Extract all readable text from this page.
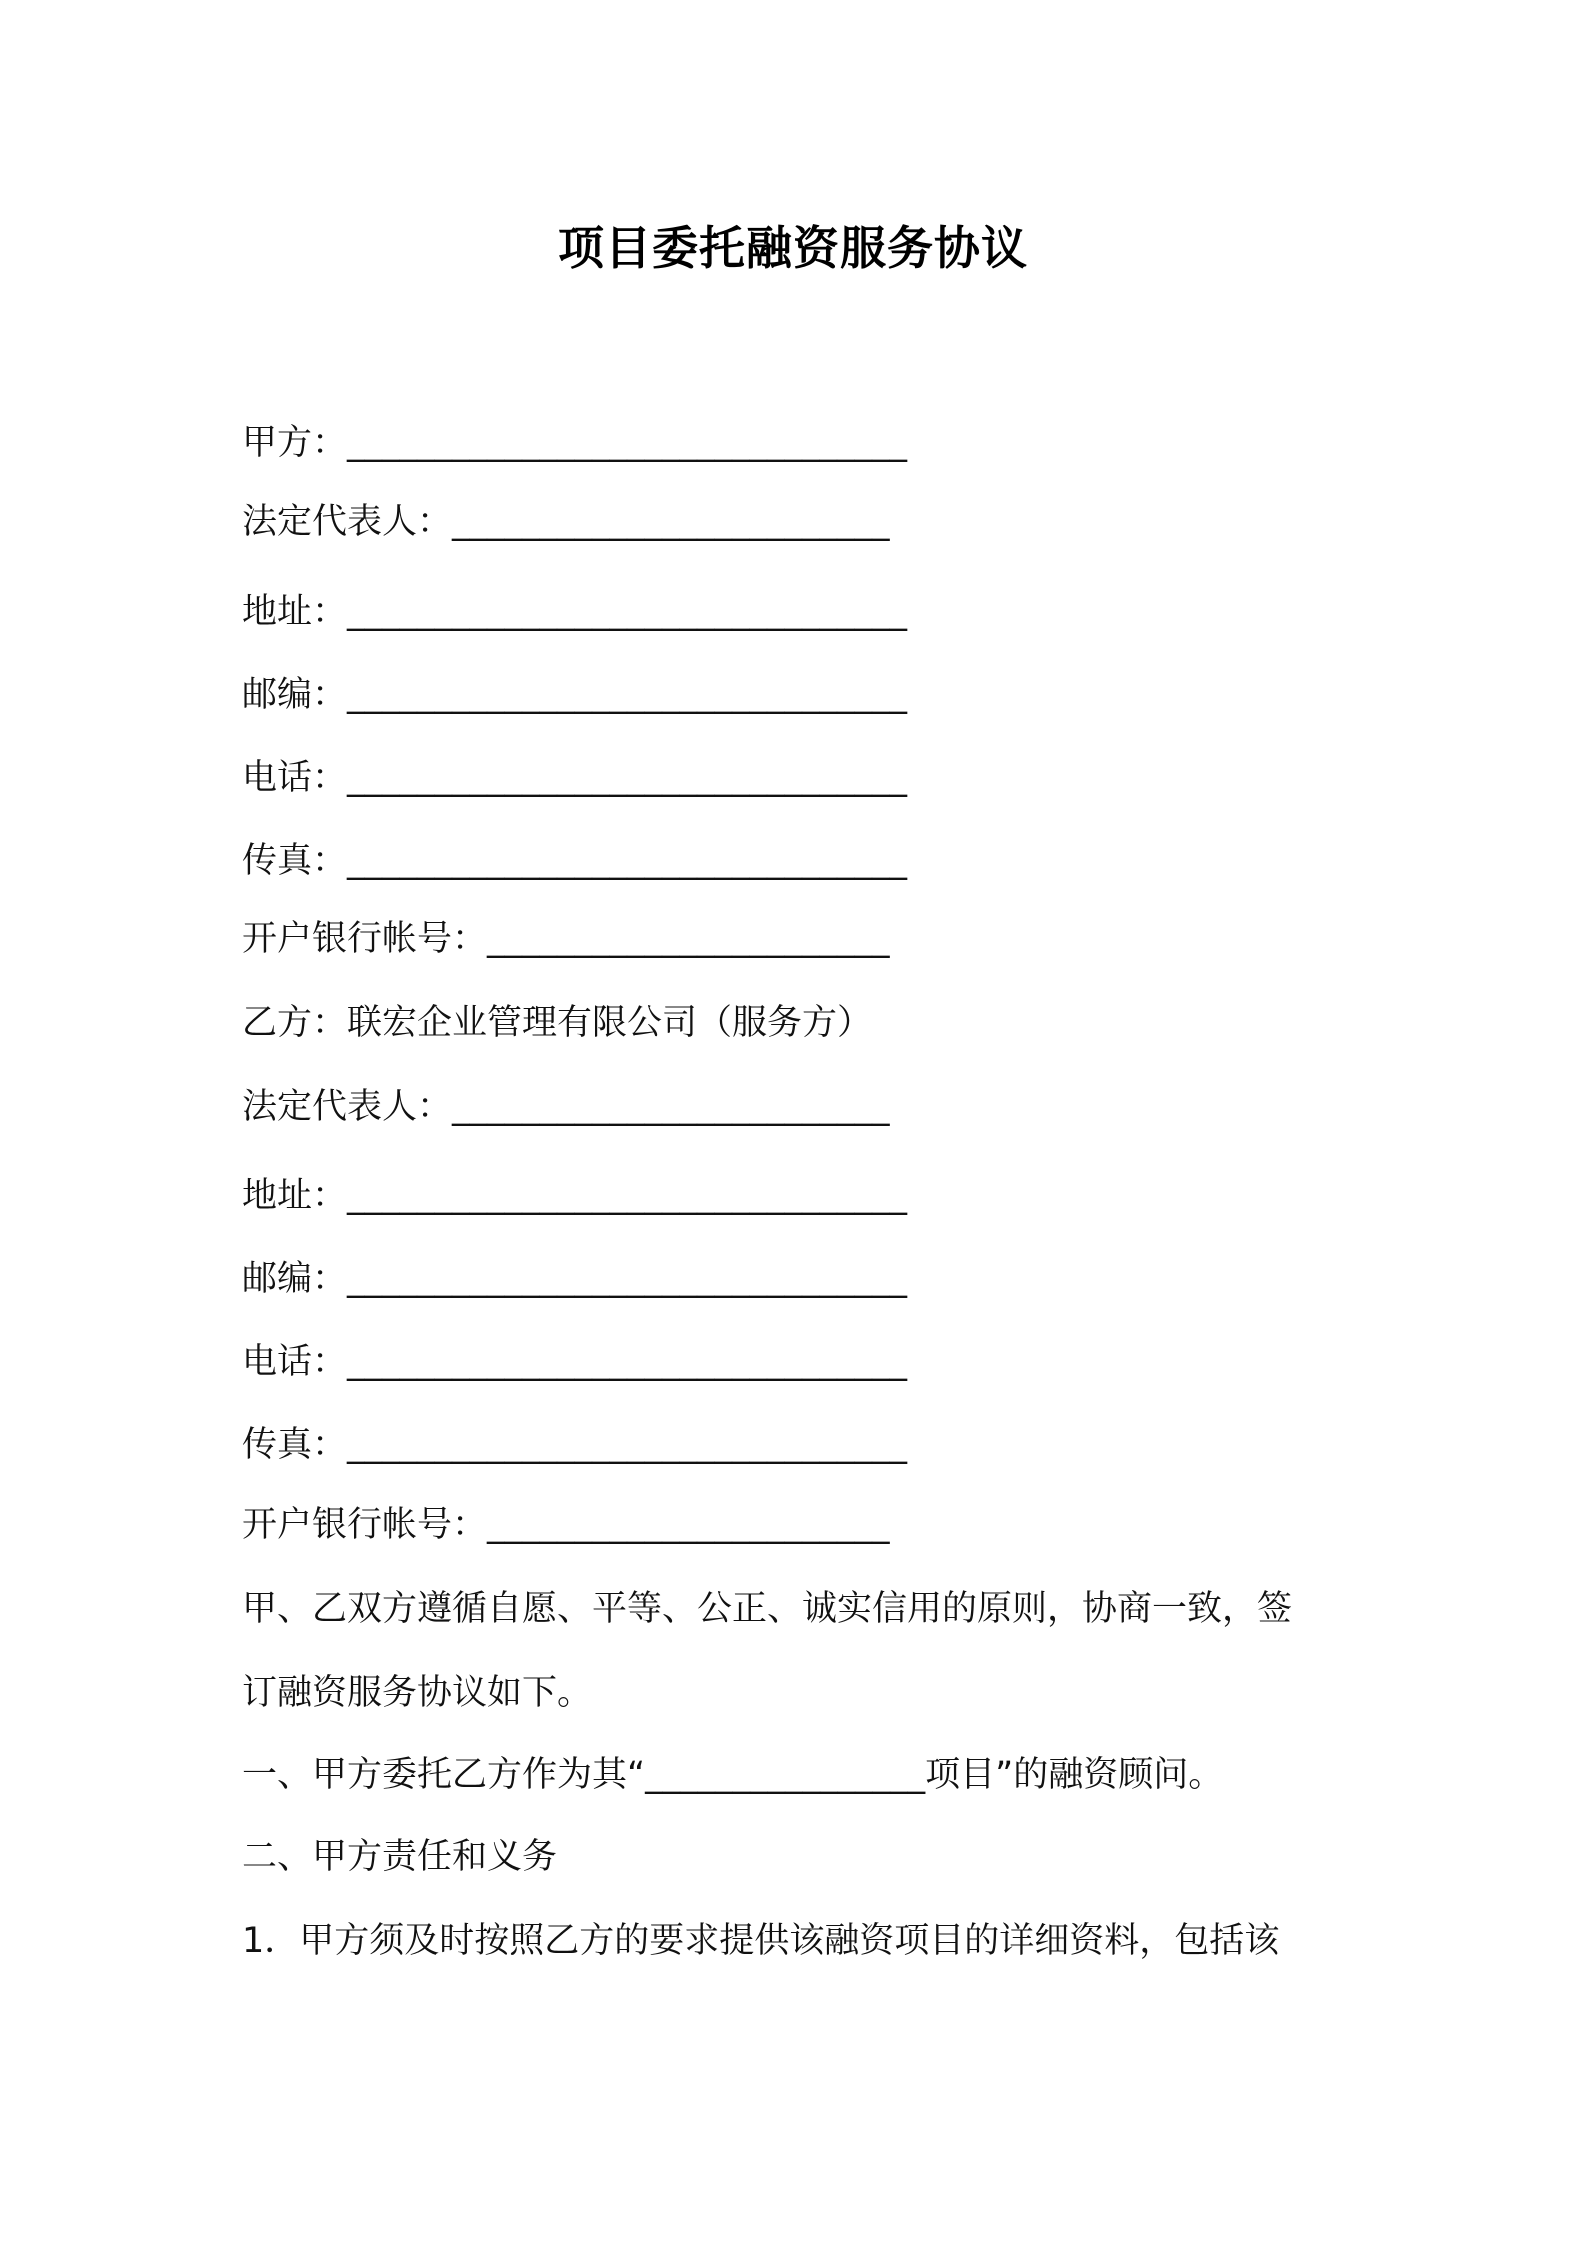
项目委托融资服务协议
甲方：________________________________
法定代表人：_________________________
地址：________________________________
邮编：________________________________
电话：________________________________
传真：________________________________
开户银行帐号：_______________________
乙方：联宏企业管理有限公司（服务方）
法定代表人：_________________________
地址：________________________________
邮编：________________________________
电话：________________________________
传真：________________________________
开户银行帐号：_______________________
甲、乙双方遵循自愿、平等、公正、诚实信用的原则，协商一致，签
订融资服务协议如下。
一、甲方委托乙方作为其“________________项目”的融资顾问。
二、甲方责任和义务
1．甲方须及时按照乙方的要求提供该融资项目的详细资料，包括该
